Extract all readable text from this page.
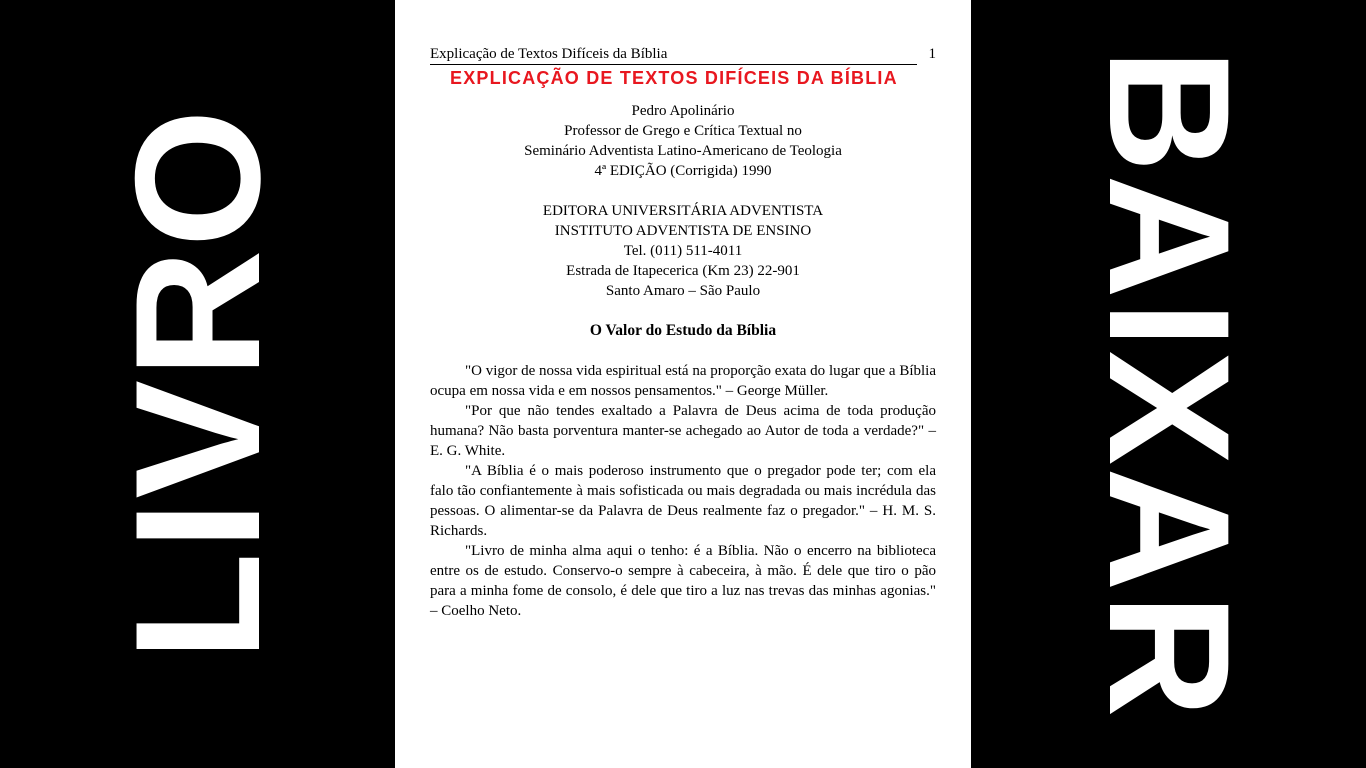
LIVRO
Explicação de Textos Difíceis da Bíblia	1
EXPLICAÇÃO DE TEXTOS DIFÍCEIS DA BÍBLIA
Pedro Apolinário
Professor de Grego e Crítica Textual no
Seminário Adventista Latino-Americano de Teologia
4ª EDIÇÃO (Corrigida) 1990
EDITORA UNIVERSITÁRIA ADVENTISTA
INSTITUTO ADVENTISTA DE ENSINO
Tel. (011) 511-4011
Estrada de Itapecerica (Km 23) 22-901
Santo Amaro – São Paulo
O Valor do Estudo da Bíblia

"O vigor de nossa vida espiritual está na proporção exata do lugar que a Bíblia ocupa em nossa vida e em nossos pensamentos." – George Müller.

"Por que não tendes exaltado a Palavra de Deus acima de toda produção humana? Não basta porventura manter-se achegado ao Autor de toda a verdade?" – E. G. White.

"A Bíblia é o mais poderoso instrumento que o pregador pode ter; com ela falo tão confiantemente à mais sofisticada ou mais degradada ou mais incrédula das pessoas. O alimentar-se da Palavra de Deus realmente faz o pregador." – H. M. S. Richards.

"Livro de minha alma aqui o tenho: é a Bíblia. Não o encerro na biblioteca entre os de estudo. Conservo-o sempre à cabeceira, à mão. É dele que tiro o pão para a minha fome de consolo, é dele que tiro a luz nas trevas das minhas agonias." – Coelho Neto.	BAIXAR
